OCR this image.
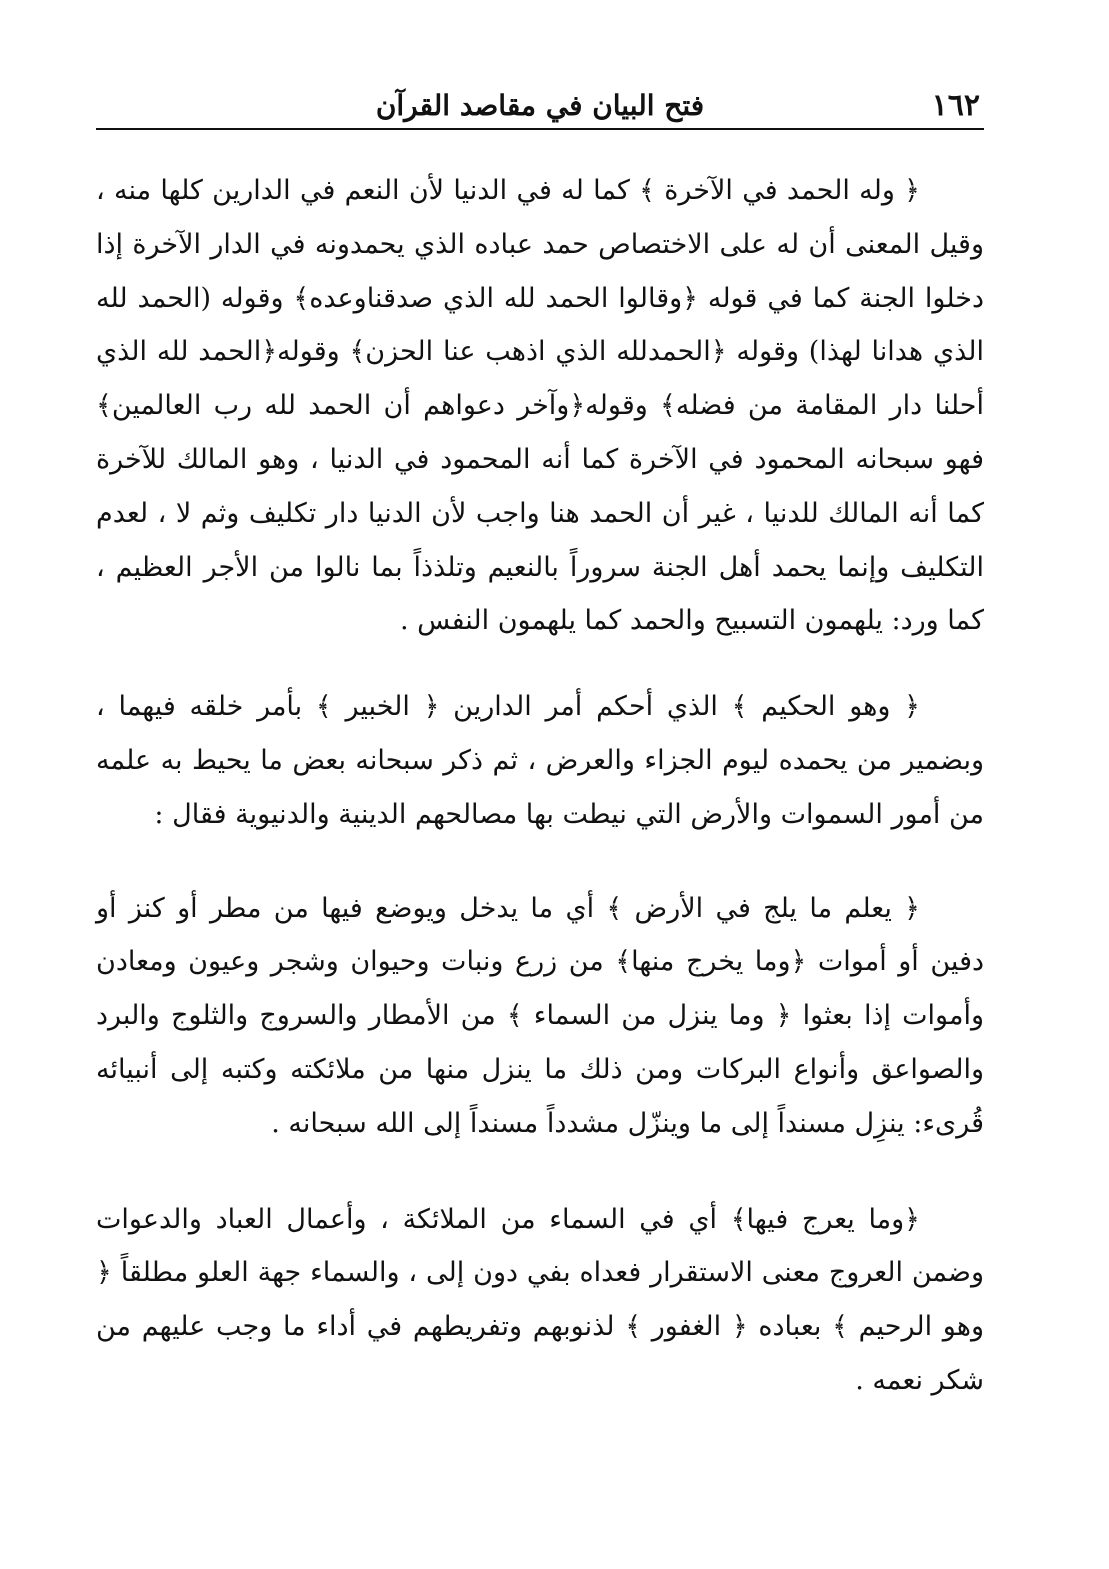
١٦٢
فتح البيان في مقاصد القرآن

﴿ وله الحمد في الآخرة ﴾ كما له في الدنيا لأن النعم في الدارين كلها منه ، وقيل المعنى أن له على الاختصاص حمد عباده الذي يحمدونه في الدار الآخرة إذا دخلوا الجنة كما في قوله ﴿وقالوا الحمد لله الذي صدقناوعده﴾ وقوله (الحمد لله الذي هدانا لهذا) وقوله ﴿الحمدلله الذي اذهب عنا الحزن﴾ وقوله﴿الحمد لله الذي أحلنا دار المقامة من فضله﴾ وقوله﴿وآخر دعواهم أن الحمد لله رب العالمين﴾ فهو سبحانه المحمود في الآخرة كما أنه المحمود في الدنيا ، وهو المالك للآخرة كما أنه المالك للدنيا ، غير أن الحمد هنا واجب لأن الدنيا دار تكليف وثم لا ، لعدم التكليف وإنما يحمد أهل الجنة سروراً بالنعيم وتلذذاً بما نالوا من الأجر العظيم ، كما ورد: يلهمون التسبيح والحمد كما يلهمون النفس .

﴿ وهو الحكيم ﴾ الذي أحكم أمر الدارين ﴿ الخبير ﴾ بأمر خلقه فيهما ، وبضمير من يحمده ليوم الجزاء والعرض ، ثم ذكر سبحانه بعض ما يحيط به علمه من أمور السموات والأرض التي نيطت بها مصالحهم الدينية والدنيوية فقال :

﴿ يعلم ما يلج في الأرض ﴾ أي ما يدخل ويوضع فيها من مطر أو كنز أو دفين أو أموات ﴿وما يخرج منها﴾ من زرع ونبات وحيوان وشجر وعيون ومعادن وأموات إذا بعثوا ﴿ وما ينزل من السماء ﴾ من الأمطار والسروج والثلوج والبرد والصواعق وأنواع البركات ومن ذلك ما ينزل منها من ملائكته وكتبه إلى أنبيائه قُرىء: ينزِل مسنداً إلى ما وينزّل مشدداً مسنداً إلى الله سبحانه .

﴿وما يعرج فيها﴾ أي في السماء من الملائكة ، وأعمال العباد والدعوات وضمن العروج معنى الاستقرار فعداه بفي دون إلى ، والسماء جهة العلو مطلقاً ﴿ وهو الرحيم ﴾ بعباده ﴿ الغفور ﴾ لذنوبهم وتفريطهم في أداء ما وجب عليهم من شكر نعمه .
